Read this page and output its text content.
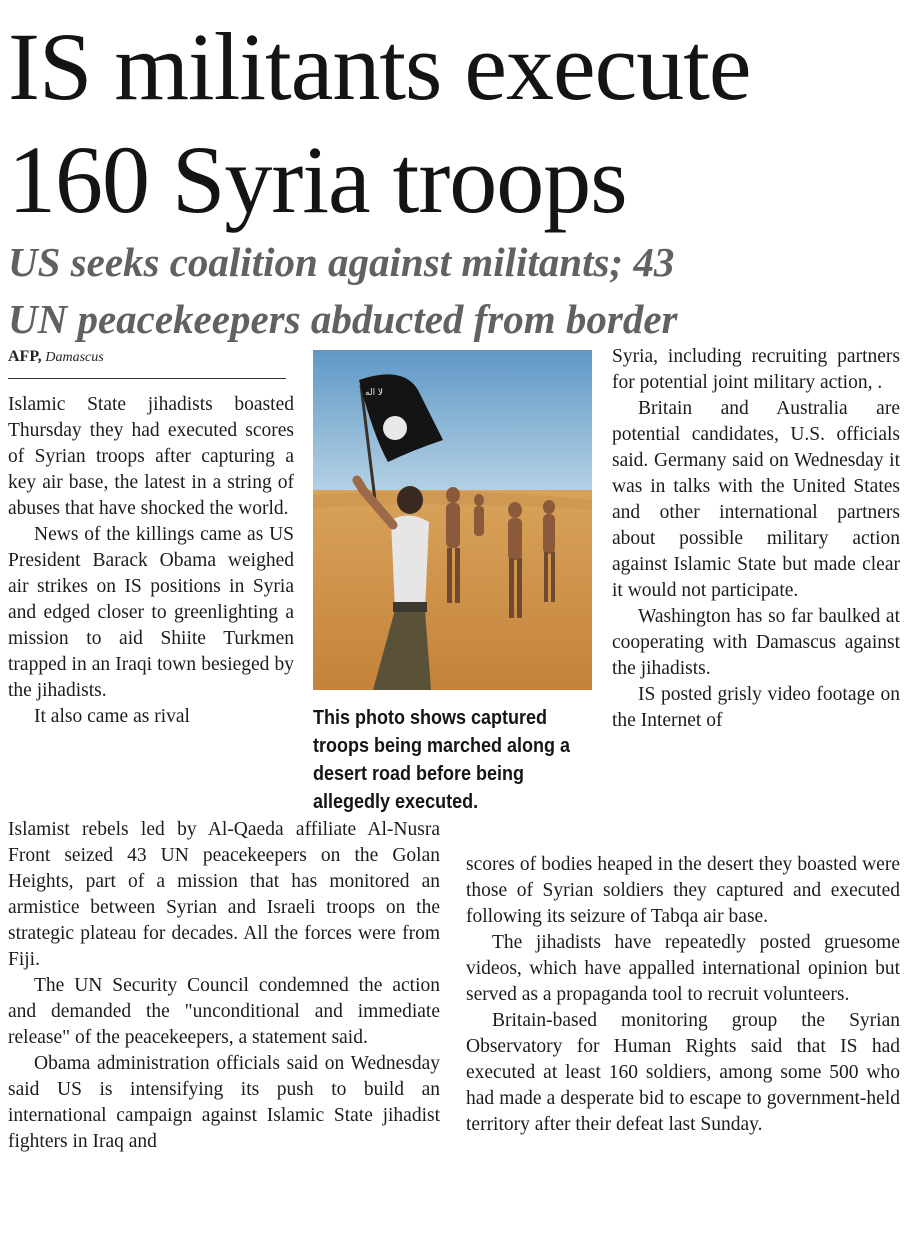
IS militants execute
160 Syria troops
US seeks coalition against militants; 43
UN peacekeepers abducted from border
AFP, Damascus

Islamic State jihadists boasted Thursday they had executed scores of Syrian troops after capturing a key air base, the latest in a string of abuses that have shocked the world.

News of the killings came as US President Barack Obama weighed air strikes on IS positions in Syria and edged closer to greenlighting a mission to aid Shiite Turkmen trapped in an Iraqi town besieged by the jihadists.

It also came as rival

لا اله
This photo shows captured troops being marched along a desert road before being allegedly executed.

Islamist rebels led by Al-Qaeda affiliate Al-Nusra Front seized 43 UN peacekeepers on the Golan Heights, part of a mission that has monitored an armistice between Syrian and Israeli troops on the strategic plateau for decades. All the forces were from Fiji.

The UN Security Council condemned the action and demanded the "unconditional and immediate release" of the peacekeepers, a statement said.

Obama administration officials said on Wednesday said US is intensifying its push to build an international campaign against Islamic State jihadist fighters in Iraq and

Syria, including recruiting partners for potential joint military action, .

Britain and Australia are potential candidates, U.S. officials said. Germany said on Wednesday it was in talks with the United States and other international partners about possible military action against Islamic State but made clear it would not participate.

Washington has so far baulked at cooperating with Damascus against the jihadists.

IS posted grisly video footage on the Internet of

scores of bodies heaped in the desert they boasted were those of Syrian soldiers they captured and executed following its seizure of Tabqa air base.

The jihadists have repeatedly posted gruesome videos, which have appalled international opinion but served as a propaganda tool to recruit volunteers.

Britain-based monitoring group the Syrian Observatory for Human Rights said that IS had executed at least 160 soldiers, among some 500 who had made a desperate bid to escape to government-held territory after their defeat last Sunday.
